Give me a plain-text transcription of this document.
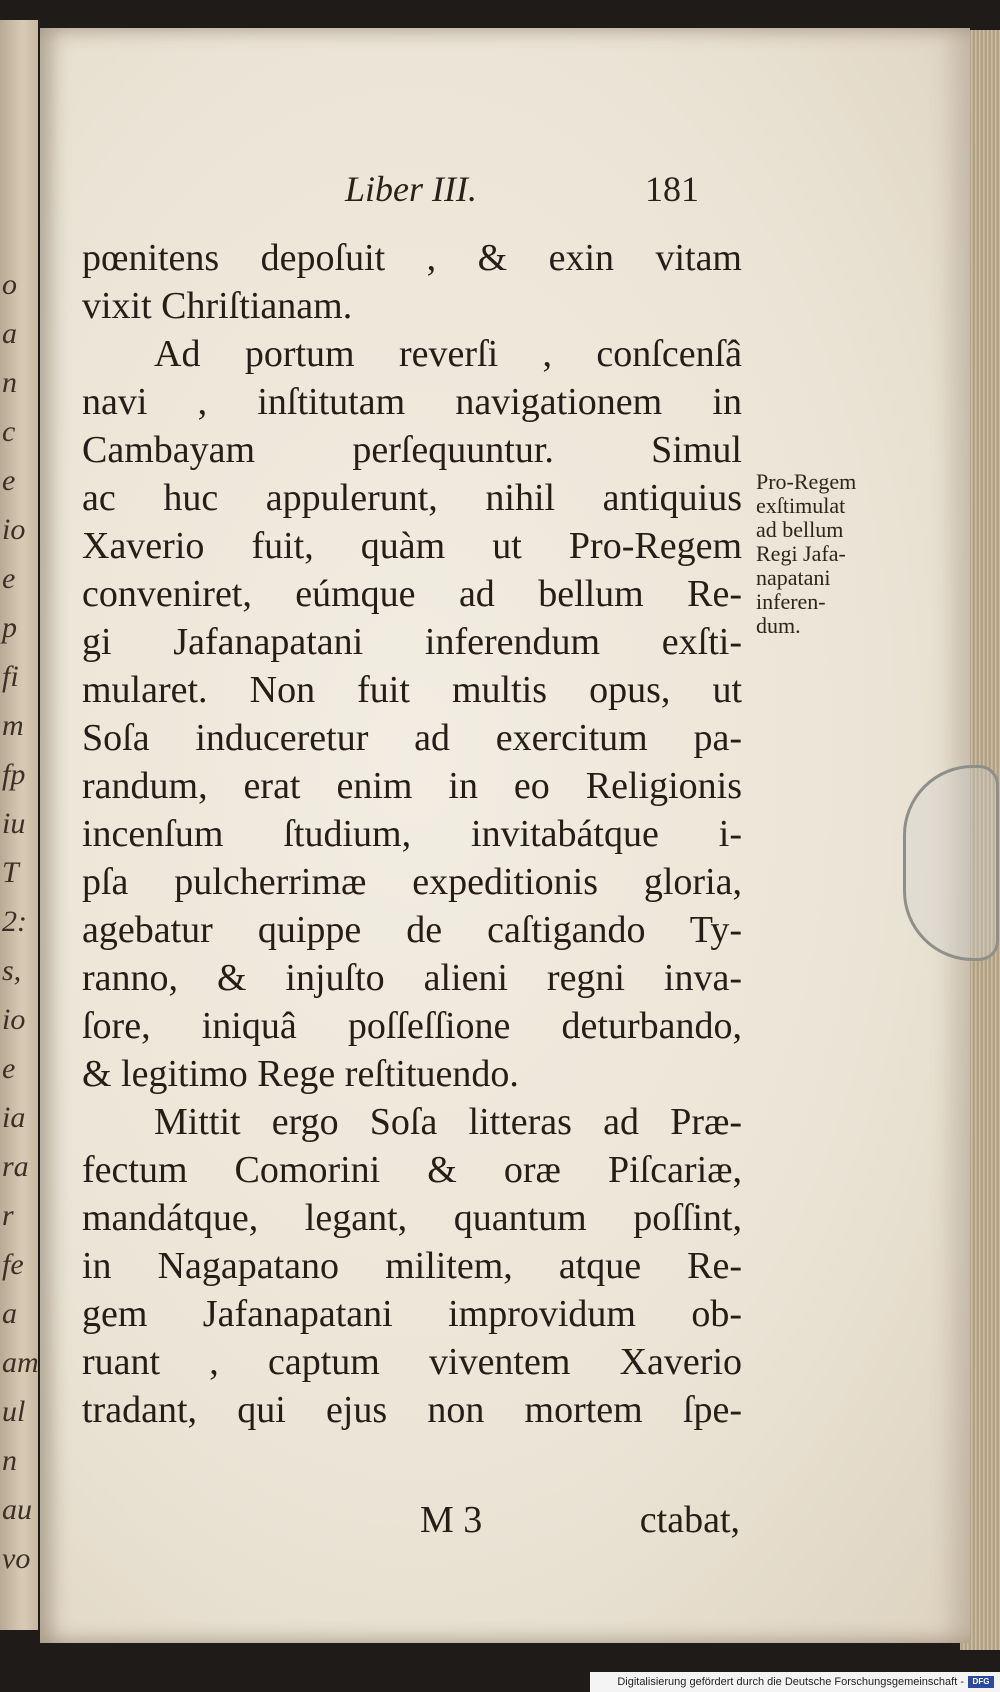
o
a
n
c
e
io
e
p
fi
m
fp
iu
T
2:
s,
io
e
ia
ra
r
fe
a
am
ul
n
au
vo
Liber III.	181
pœnitens depoſuit , & exin vitam
vixit Chriſtianam.
Ad portum reverſi , conſcenſâ
navi , inſtitutam navigationem in
Cambayam perſequuntur. Simul
ac huc appulerunt, nihil antiquius
Xaverio fuit, quàm ut Pro-Regem
conveniret, eúmque ad bellum Re-
gi Jafanapatani inferendum exſti-
mularet. Non fuit multis opus, ut
Soſa induceretur ad exercitum pa-
randum, erat enim in eo Religionis
incenſum ſtudium, invitabátque i-
pſa pulcherrimæ expeditionis gloria,
agebatur quippe de caſtigando Ty-
ranno, & injuſto alieni regni inva-
ſore, iniquâ poſſeſſione deturbando,
& legitimo Rege reſtituendo.
Mittit ergo Soſa litteras ad Præ-
fectum Comorini & oræ Piſcariæ,
mandátque, legant, quantum poſſint,
in Nagapatano militem, atque Re-
gem Jafanapatani improvidum ob-
ruant , captum viventem Xaverio
tradant, qui ejus non mortem ſpe-
Pro-Regem
exſtimulat
ad bellum
Regi Jafa-
napatani
inferen-
dum.
M 3	ctabat,
Digitalisierung gefördert durch die Deutsche Forschungsgemeinschaft - DFG
